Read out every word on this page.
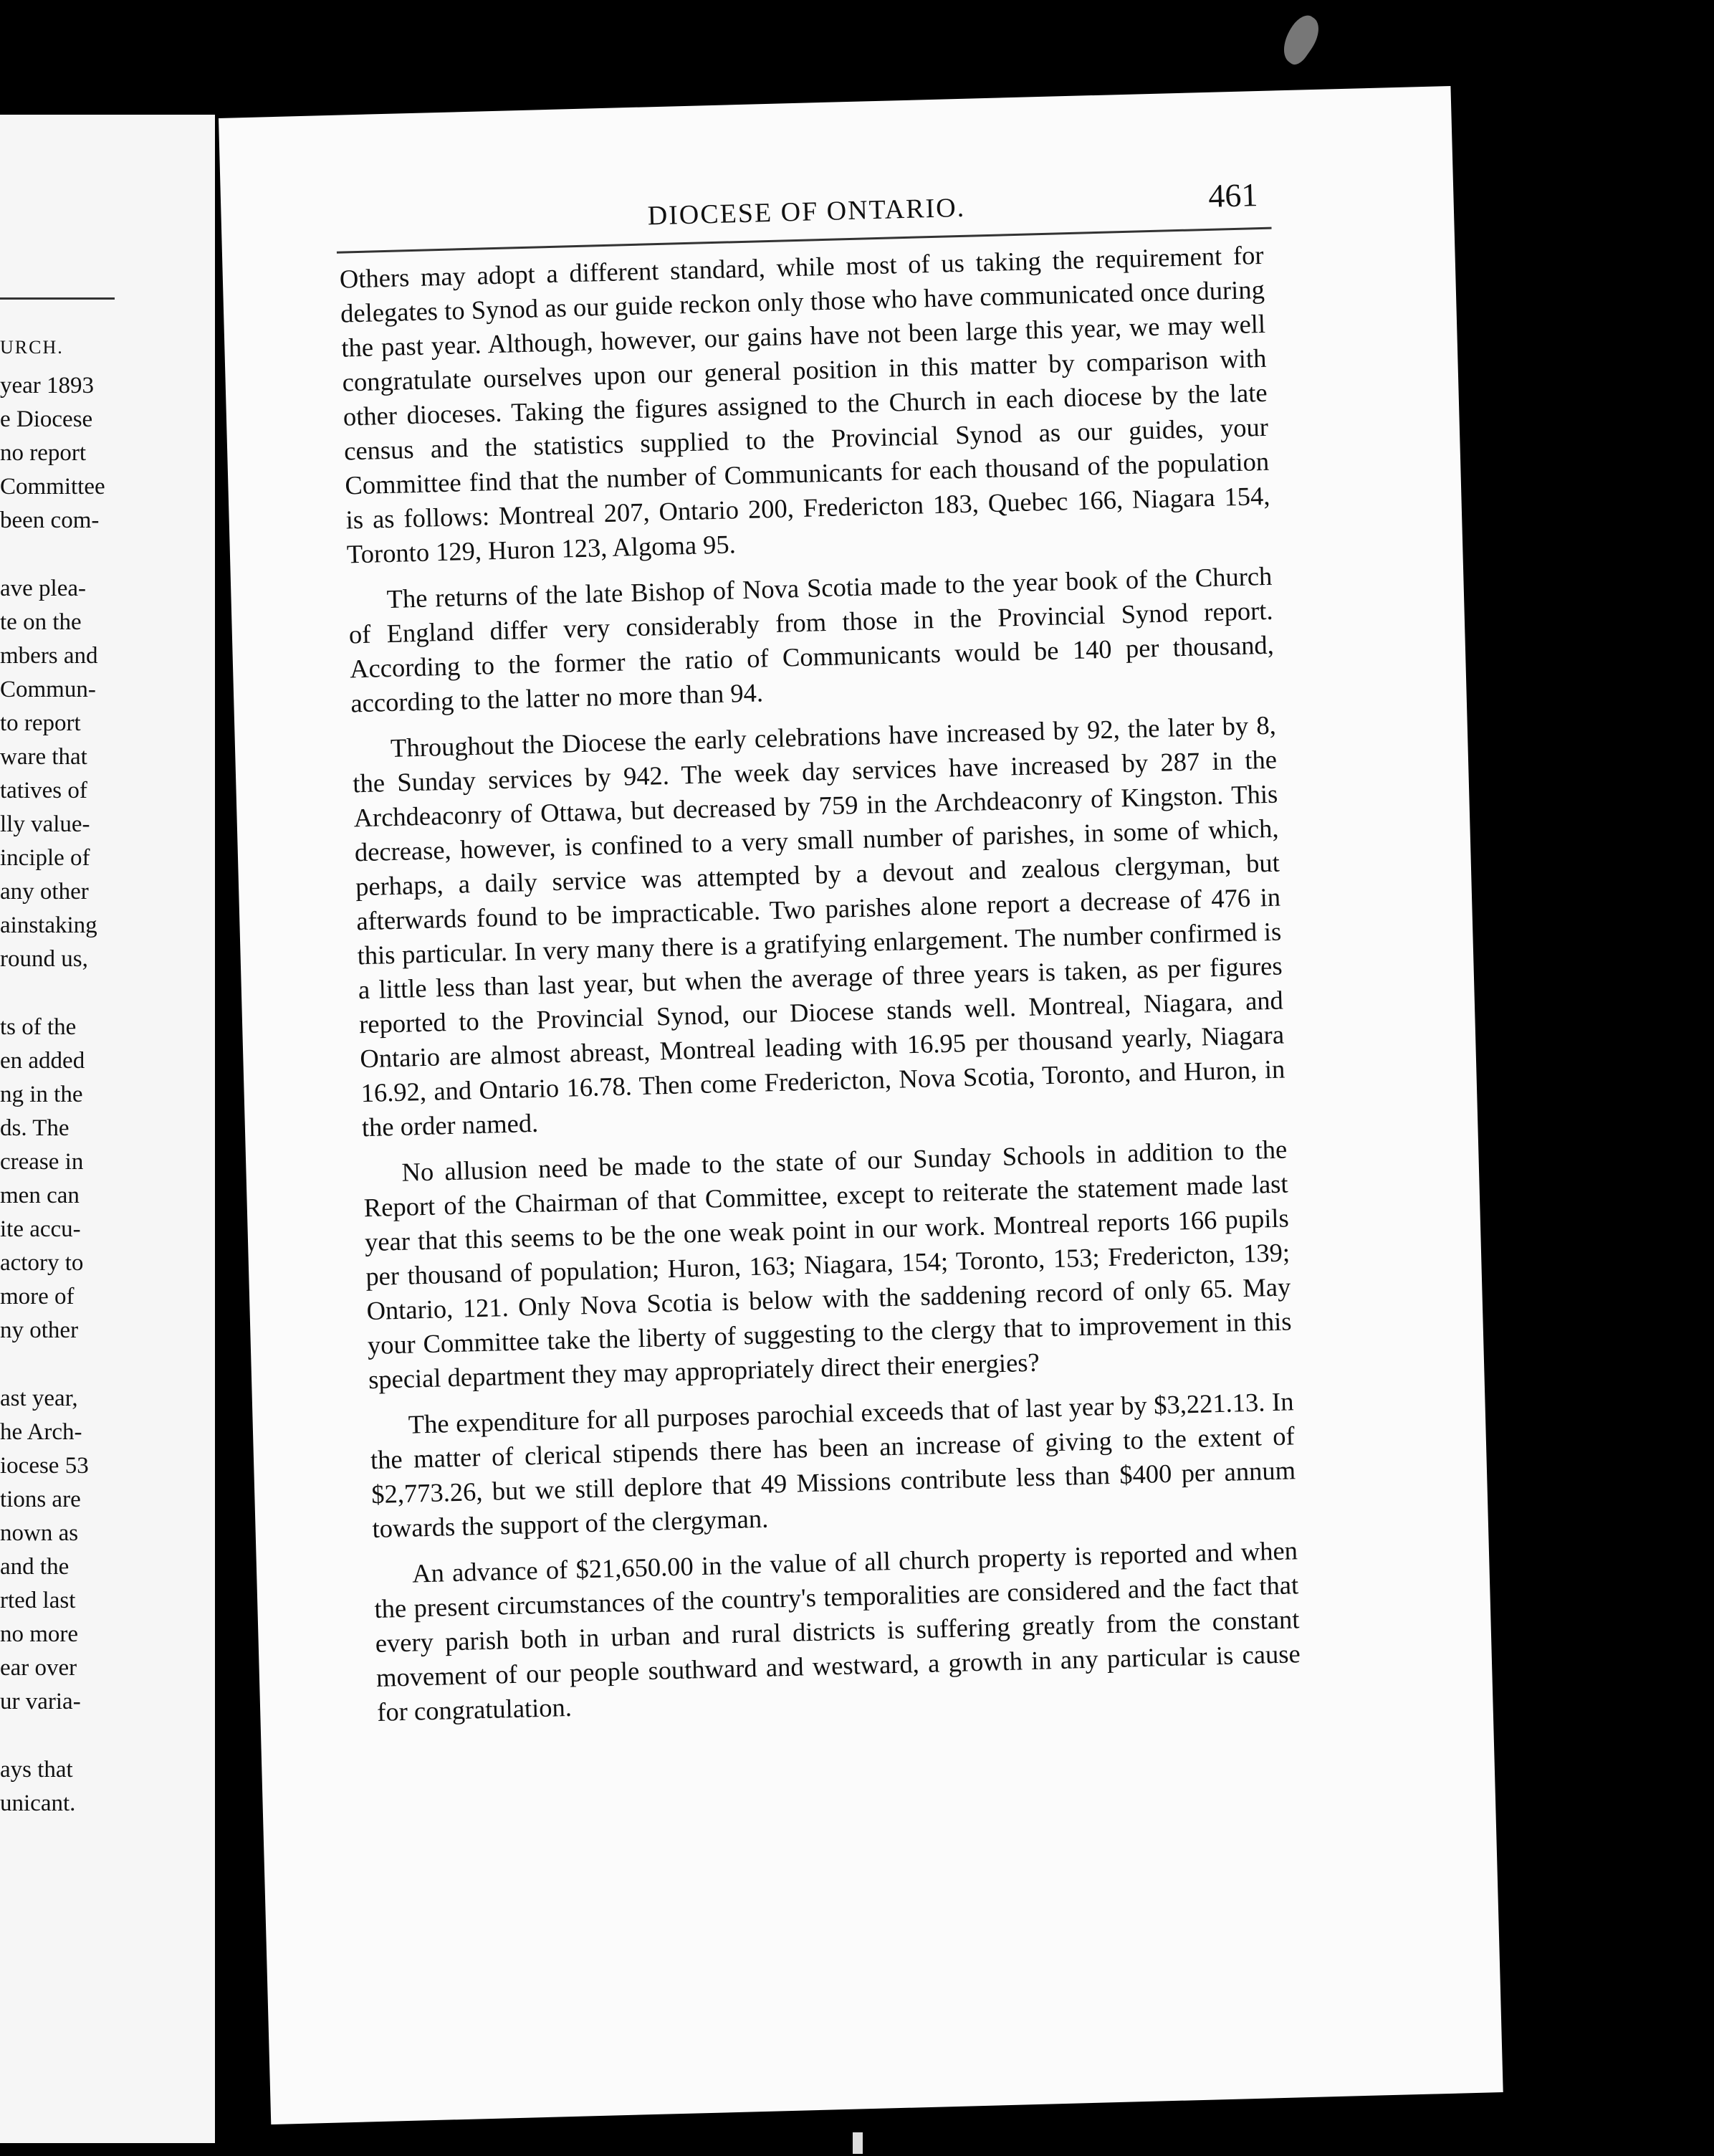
URCH.
year 1893
e Diocese
no report
Committee
been com-
ave plea-
te on the
mbers and
Commun-
to report
ware that
tatives of
lly value-
inciple of
any other
ainstaking
round us,
ts of the
en added
ng in the
ds. The
crease in
men can
ite accu-
actory to
more of
ny other
ast year,
he Arch-
iocese 53
tions are
nown as
and the
rted last
no more
ear over
ur varia-
ays that
unicant.
DIOCESE OF ONTARIO.	461

Others may adopt a different standard, while most of us taking the requirement for delegates to Synod as our guide reckon only those who have communicated once during the past year. Although, however, our gains have not been large this year, we may well congratulate ourselves upon our general position in this matter by comparison with other dioceses. Taking the figures assigned to the Church in each diocese by the late census and the statistics supplied to the Provincial Synod as our guides, your Committee find that the number of Communicants for each thousand of the population is as follows: Montreal 207, Ontario 200, Fredericton 183, Quebec 166, Niagara 154, Toronto 129, Huron 123, Algoma 95.

The returns of the late Bishop of Nova Scotia made to the year book of the Church of England differ very considerably from those in the Provincial Synod report. According to the former the ratio of Communicants would be 140 per thousand, according to the latter no more than 94.

Throughout the Diocese the early celebrations have increased by 92, the later by 8, the Sunday services by 942. The week day services have increased by 287 in the Archdeaconry of Ottawa, but decreased by 759 in the Archdeaconry of Kingston. This decrease, however, is confined to a very small number of parishes, in some of which, perhaps, a daily service was attempted by a devout and zealous clergyman, but afterwards found to be impracticable. Two parishes alone report a decrease of 476 in this particular. In very many there is a gratifying enlargement. The number confirmed is a little less than last year, but when the average of three years is taken, as per figures reported to the Provincial Synod, our Diocese stands well. Montreal, Niagara, and Ontario are almost abreast, Montreal leading with 16.95 per thousand yearly, Niagara 16.92, and Ontario 16.78. Then come Fredericton, Nova Scotia, Toronto, and Huron, in the order named.

No allusion need be made to the state of our Sunday Schools in addition to the Report of the Chairman of that Committee, except to reiterate the statement made last year that this seems to be the one weak point in our work. Montreal reports 166 pupils per thousand of population; Huron, 163; Niagara, 154; Toronto, 153; Fredericton, 139; Ontario, 121. Only Nova Scotia is below with the saddening record of only 65. May your Committee take the liberty of suggesting to the clergy that to improvement in this special department they may appropriately direct their energies?

The expenditure for all purposes parochial exceeds that of last year by $3,221.13. In the matter of clerical stipends there has been an increase of giving to the extent of $2,773.26, but we still deplore that 49 Missions contribute less than $400 per annum towards the support of the clergyman.

An advance of $21,650.00 in the value of all church property is reported and when the present circumstances of the country's temporalities are considered and the fact that every parish both in urban and rural districts is suffering greatly from the constant movement of our people southward and westward, a growth in any particular is cause for congratulation.
